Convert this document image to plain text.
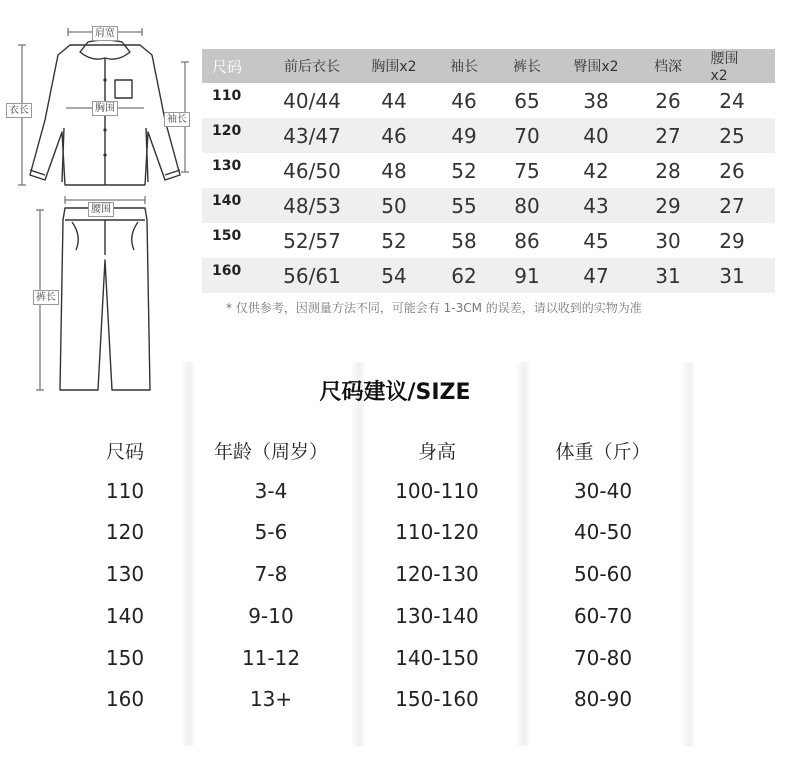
肩宽
衣长	胸围
袖长
腰围
裤长
尺码	前后衣长 胸围x2 袖长	裤长 臀围x2	档深 腰围x2
110 40/44 44 46 65 38 26 24
120 43/47 46 49 70 40 27 25
130 46/50 48 52 75 42 28 26
140 48/53 50 55 80 43 29 27
150 52/57 52 58 86 45 30 29
160 56/61 54 62 91 47 31 31
* 仅供参考，因测量方法不同，可能会有 1-3CM 的误差，请以收到的实物为准
尺码建议/SIZE
尺码	年龄（周岁）	身高	体重（斤）
110	3-4	100-110	30-40
120	5-6	110-120	40-50
130	7-8	120-130	50-60
140	9-10	130-140	60-70
150	11-12	140-150	70-80
160	13+	150-160	80-90
